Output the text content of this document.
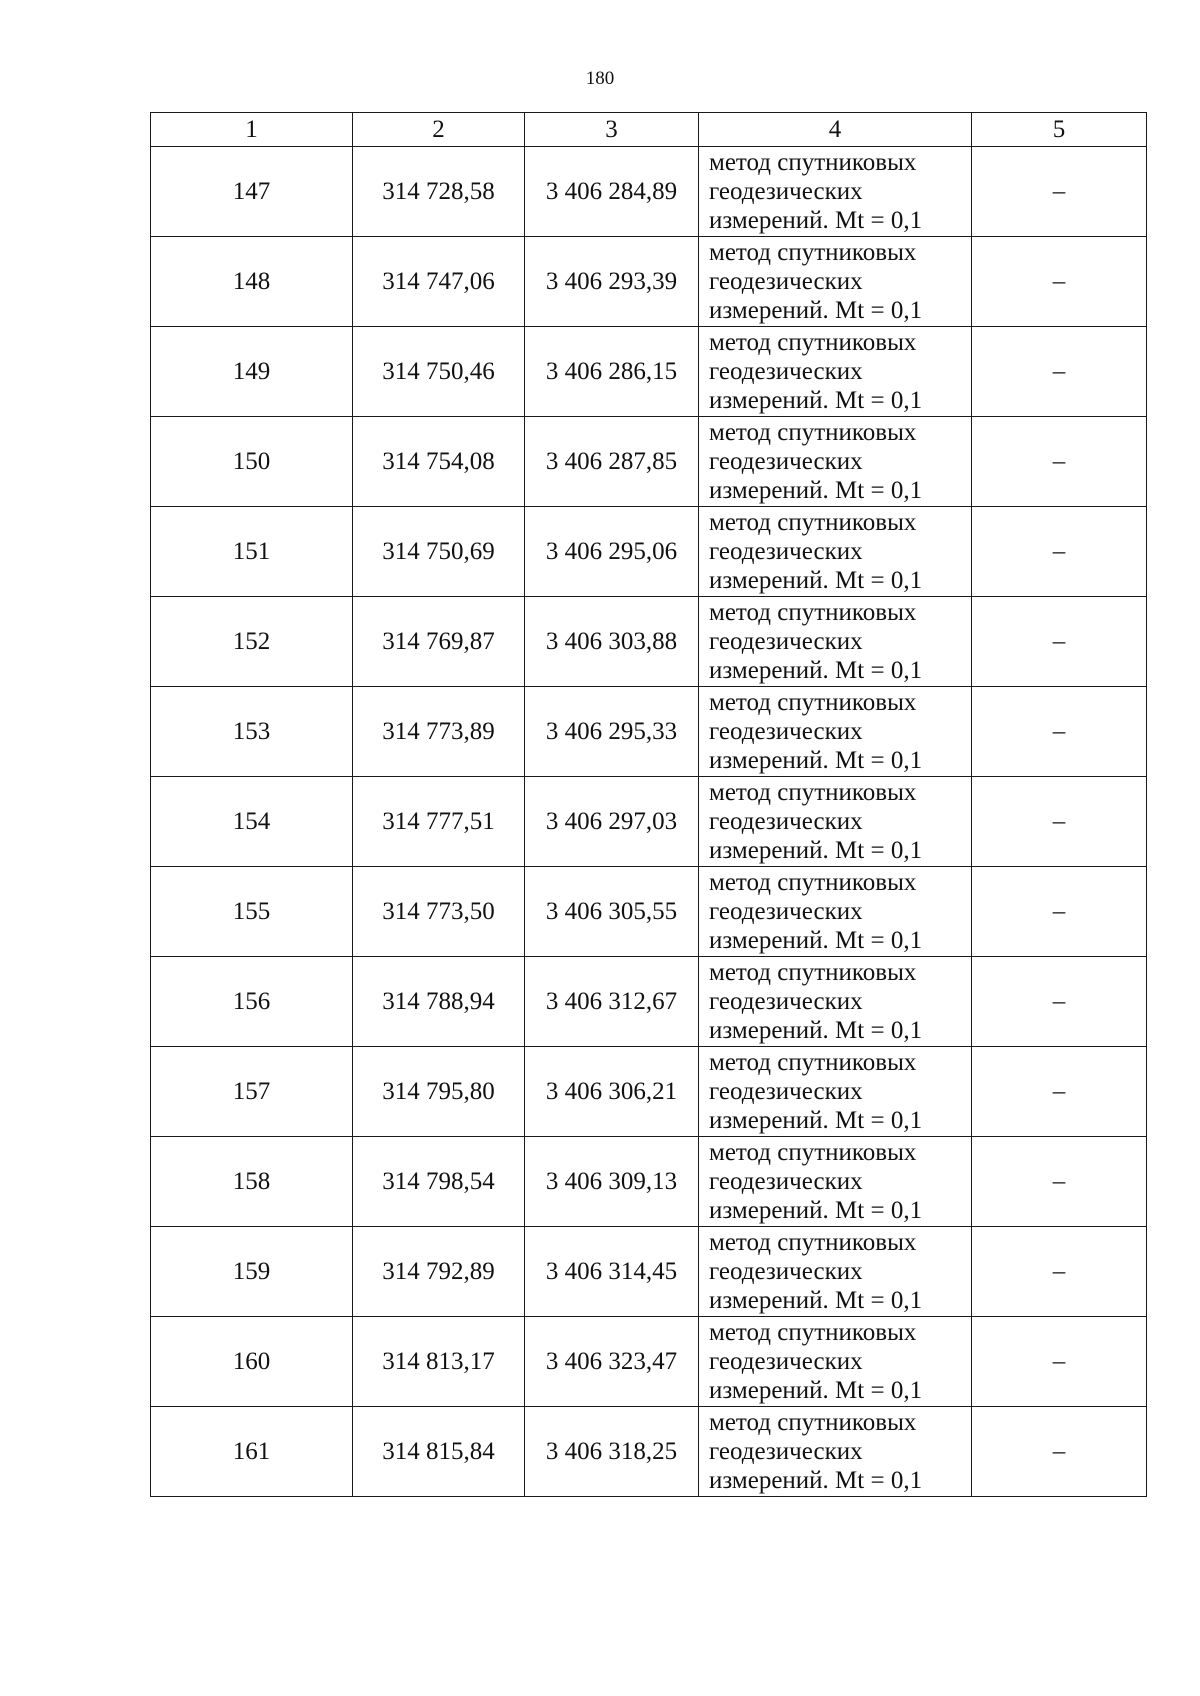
180
1	2	3	4	5
147	314 728,58	3 406 284,89	метод спутниковых
геодезических
измерений. Mt = 0,1	–
148	314 747,06	3 406 293,39	метод спутниковых
геодезических
измерений. Mt = 0,1	–
149	314 750,46	3 406 286,15	метод спутниковых
геодезических
измерений. Mt = 0,1	–
150	314 754,08	3 406 287,85	метод спутниковых
геодезических
измерений. Mt = 0,1	–
151	314 750,69	3 406 295,06	метод спутниковых
геодезических
измерений. Mt = 0,1	–
152	314 769,87	3 406 303,88	метод спутниковых
геодезических
измерений. Mt = 0,1	–
153	314 773,89	3 406 295,33	метод спутниковых
геодезических
измерений. Mt = 0,1	–
154	314 777,51	3 406 297,03	метод спутниковых
геодезических
измерений. Mt = 0,1	–
155	314 773,50	3 406 305,55	метод спутниковых
геодезических
измерений. Mt = 0,1	–
156	314 788,94	3 406 312,67	метод спутниковых
геодезических
измерений. Mt = 0,1	–
157	314 795,80	3 406 306,21	метод спутниковых
геодезических
измерений. Mt = 0,1	–
158	314 798,54	3 406 309,13	метод спутниковых
геодезических
измерений. Mt = 0,1	–
159	314 792,89	3 406 314,45	метод спутниковых
геодезических
измерений. Mt = 0,1	–
160	314 813,17	3 406 323,47	метод спутниковых
геодезических
измерений. Mt = 0,1	–
161	314 815,84	3 406 318,25	метод спутниковых
геодезических
измерений. Mt = 0,1	–
